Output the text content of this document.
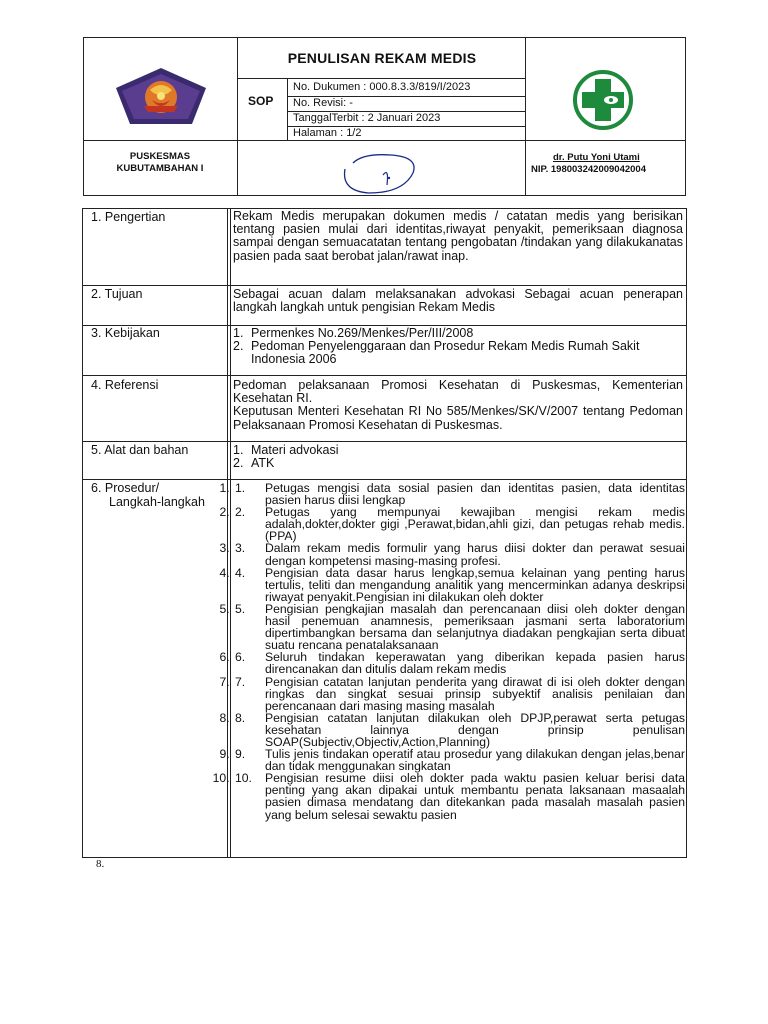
PENULISAN REKAM MEDIS
SOP
No. Dukumen : 000.8.3.3/819/I/2023
No. Revisi: -
TanggalTerbit : 2 Januari 2023
Halaman : 1/2
PUSKESMAS
KUBUTAMBAHAN I
dr. Putu Yoni Utami
NIP. 198003242009042004
1. Pengertian	Rekam Medis merupakan dokumen medis / catatan medis yang berisikan tentang pasien mulai dari identitas,riwayat penyakit, pemeriksaan diagnosa sampai dengan semuacatatan tentang pengobatan /tindakan yang dilakukanatas pasien pada saat berobat jalan/rawat inap.
2. Tujuan	Sebagai acuan dalam melaksanakan advokasi Sebagai acuan penerapan langkah langkah untuk pengisian Rekam Medis
3. Kebijakan	1. Permenkes No.269/Menkes/Per/III/2008
2. Pedoman Penyelenggaraan dan Prosedur Rekam Medis Rumah Sakit Indonesia 2006
4. Referensi	Pedoman pelaksanaan Promosi Kesehatan di Puskesmas, Kementerian Kesehatan RI.
Keputusan Menteri Kesehatan RI No 585/Menkes/SK/V/2007 tentang Pedoman Pelaksanaan Promosi Kesehatan di Puskesmas.
5. Alat dan bahan	1. Materi advokasi
2. ATK
6. Prosedur/
Langkah-langkah
1. 1.	Petugas mengisi data sosial pasien dan identitas pasien, data identitas pasien harus diisi lengkap
2. 2.	Petugas yang mempunyai kewajiban mengisi rekam medis adalah,dokter,dokter gigi ,Perawat,bidan,ahli gizi, dan petugas rehab medis. (PPA)
3. 3.	Dalam rekam medis formulir yang harus diisi dokter dan perawat sesuai dengan kompetensi masing-masing profesi.
4. 4.	Pengisian data dasar harus lengkap,semua kelainan yang penting harus tertulis, teliti dan mengandung analitik yang mencerminkan adanya deskripsi riwayat penyakit.Pengisian ini dilakukan oleh dokter
5. 5.	Pengisian pengkajian masalah dan perencanaan diisi oleh dokter dengan hasil penemuan anamnesis, pemeriksaan jasmani serta laboratorium dipertimbangkan bersama dan selanjutnya diadakan pengkajian serta dibuat suatu rencana penatalaksanaan
6. 6.	Seluruh tindakan keperawatan yang diberikan kepada pasien harus direncanakan dan ditulis dalam rekam medis
7. 7.	Pengisian catatan lanjutan penderita yang dirawat di isi oleh dokter dengan ringkas dan singkat sesuai prinsip subyektif analisis penilaian dan perencanaan dari masing masing masalah
8. 8.	Pengisian catatan lanjutan dilakukan oleh DPJP,perawat serta petugas kesehatan lainnya dengan prinsip penulisan SOAP(Subjectiv,Objectiv,Action,Planning)
9. 9.	Tulis jenis tindakan operatif atau prosedur yang dilakukan dengan jelas,benar dan tidak menggunakan singkatan
10. 10.	Pengisian resume diisi oleh dokter pada waktu pasien keluar berisi data penting yang akan dipakai untuk membantu penata laksanaan masaalah pasien dimasa mendatang dan ditekankan pada masalah masalah pasien yang belum selesai sewaktu pasien
8.
